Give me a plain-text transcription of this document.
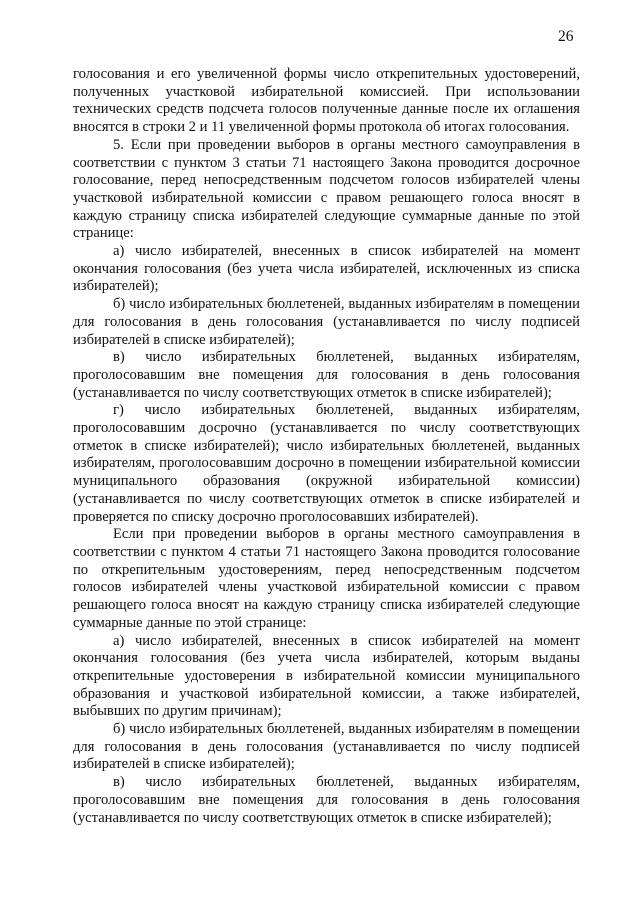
26

голосования и его увеличенной формы число открепительных удостоверений, полученных участковой избирательной комиссией. При использовании технических средств подсчета голосов полученные данные после их оглашения вносятся в строки 2 и 11 увеличенной формы протокола об итогах голосования.

5. Если при проведении выборов в органы местного самоуправления в соответствии с пунктом 3 статьи 71 настоящего Закона проводится досрочное голосование, перед непосредственным подсчетом голосов избирателей члены участковой избирательной комиссии с правом решающего голоса вносят в каждую страницу списка избирателей следующие суммарные данные по этой странице:

а) число избирателей, внесенных в список избирателей на момент окончания голосования (без учета числа избирателей, исключенных из списка избирателей);

б) число избирательных бюллетеней, выданных избирателям в помещении для голосования в день голосования (устанавливается по числу подписей избирателей в списке избирателей);

в) число избирательных бюллетеней, выданных избирателям, проголосовавшим вне помещения для голосования в день голосования (устанавливается по числу соответствующих отметок в списке избирателей);

г) число избирательных бюллетеней, выданных избирателям, проголосовавшим досрочно (устанавливается по числу соответствующих отметок в списке избирателей); число избирательных бюллетеней, выданных избирателям, проголосовавшим досрочно в помещении избирательной комиссии муниципального образования (окружной избирательной комиссии) (устанавливается по числу соответствующих отметок в списке избирателей и проверяется по списку досрочно проголосовавших избирателей).

Если при проведении выборов в органы местного самоуправления в соответствии с пунктом 4 статьи 71 настоящего Закона проводится голосование по открепительным удостоверениям, перед непосредственным подсчетом голосов избирателей члены участковой избирательной комиссии с правом решающего голоса вносят на каждую страницу списка избирателей следующие суммарные данные по этой странице:

а) число избирателей, внесенных в список избирателей на момент окончания голосования (без учета числа избирателей, которым выданы открепительные удостоверения в избирательной комиссии муниципального образования и участковой избирательной комиссии, а также избирателей, выбывших по другим причинам);

б) число избирательных бюллетеней, выданных избирателям в помещении для голосования в день голосования (устанавливается по числу подписей избирателей в списке избирателей);

в) число избирательных бюллетеней, выданных избирателям, проголосовавшим вне помещения для голосования в день голосования (устанавливается по числу соответствующих отметок в списке избирателей);
